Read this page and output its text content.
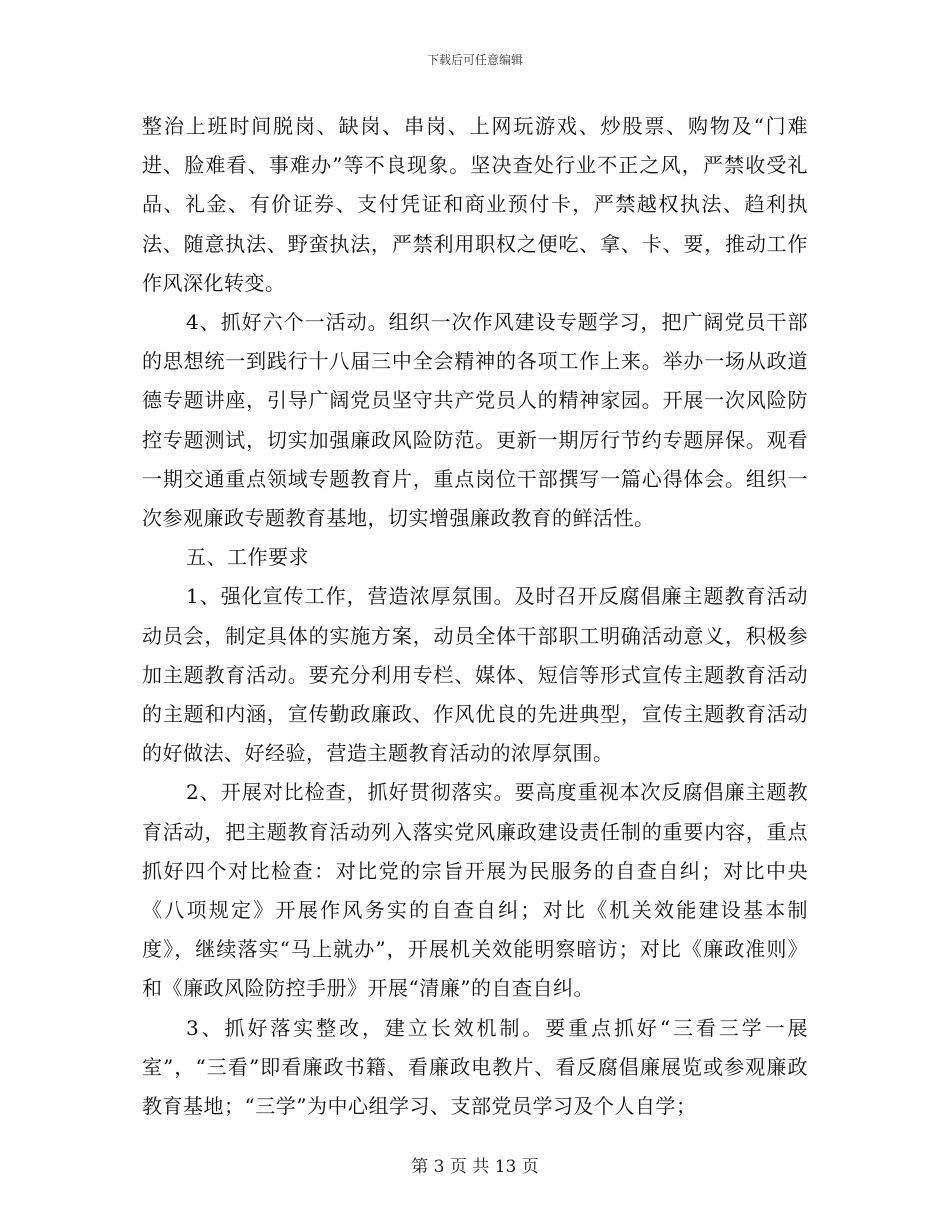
下载后可任意编辑

整治上班时间脱岗、缺岗、串岗、上网玩游戏、炒股票、购物及“门难进、脸难看、事难办”等不良现象。坚决查处行业不正之风，严禁收受礼品、礼金、有价证券、支付凭证和商业预付卡，严禁越权执法、趋利执法、随意执法、野蛮执法，严禁利用职权之便吃、拿、卡、要，推动工作作风深化转变。

4、抓好六个一活动。组织一次作风建设专题学习，把广阔党员干部的思想统一到践行十八届三中全会精神的各项工作上来。举办一场从政道德专题讲座，引导广阔党员坚守共产党员人的精神家园。开展一次风险防控专题测试，切实加强廉政风险防范。更新一期厉行节约专题屏保。观看一期交通重点领域专题教育片，重点岗位干部撰写一篇心得体会。组织一次参观廉政专题教育基地，切实增强廉政教育的鲜活性。

五、工作要求

1、强化宣传工作，营造浓厚氛围。及时召开反腐倡廉主题教育活动动员会，制定具体的实施方案，动员全体干部职工明确活动意义，积极参加主题教育活动。要充分利用专栏、媒体、短信等形式宣传主题教育活动的主题和内涵，宣传勤政廉政、作风优良的先进典型，宣传主题教育活动的好做法、好经验，营造主题教育活动的浓厚氛围。

2、开展对比检查，抓好贯彻落实。要高度重视本次反腐倡廉主题教育活动，把主题教育活动列入落实党风廉政建设责任制的重要内容，重点抓好四个对比检查：对比党的宗旨开展为民服务的自查自纠；对比中央《八项规定》开展作风务实的自查自纠；对比《机关效能建设基本制度》，继续落实“马上就办”，开展机关效能明察暗访；对比《廉政准则》和《廉政风险防控手册》开展“清廉”的自查自纠。

3、抓好落实整改，建立长效机制。要重点抓好“三看三学一展室”，“三看”即看廉政书籍、看廉政电教片、看反腐倡廉展览或参观廉政教育基地；“三学”为中心组学习、支部党员学习及个人自学；

第 3 页 共 13 页
